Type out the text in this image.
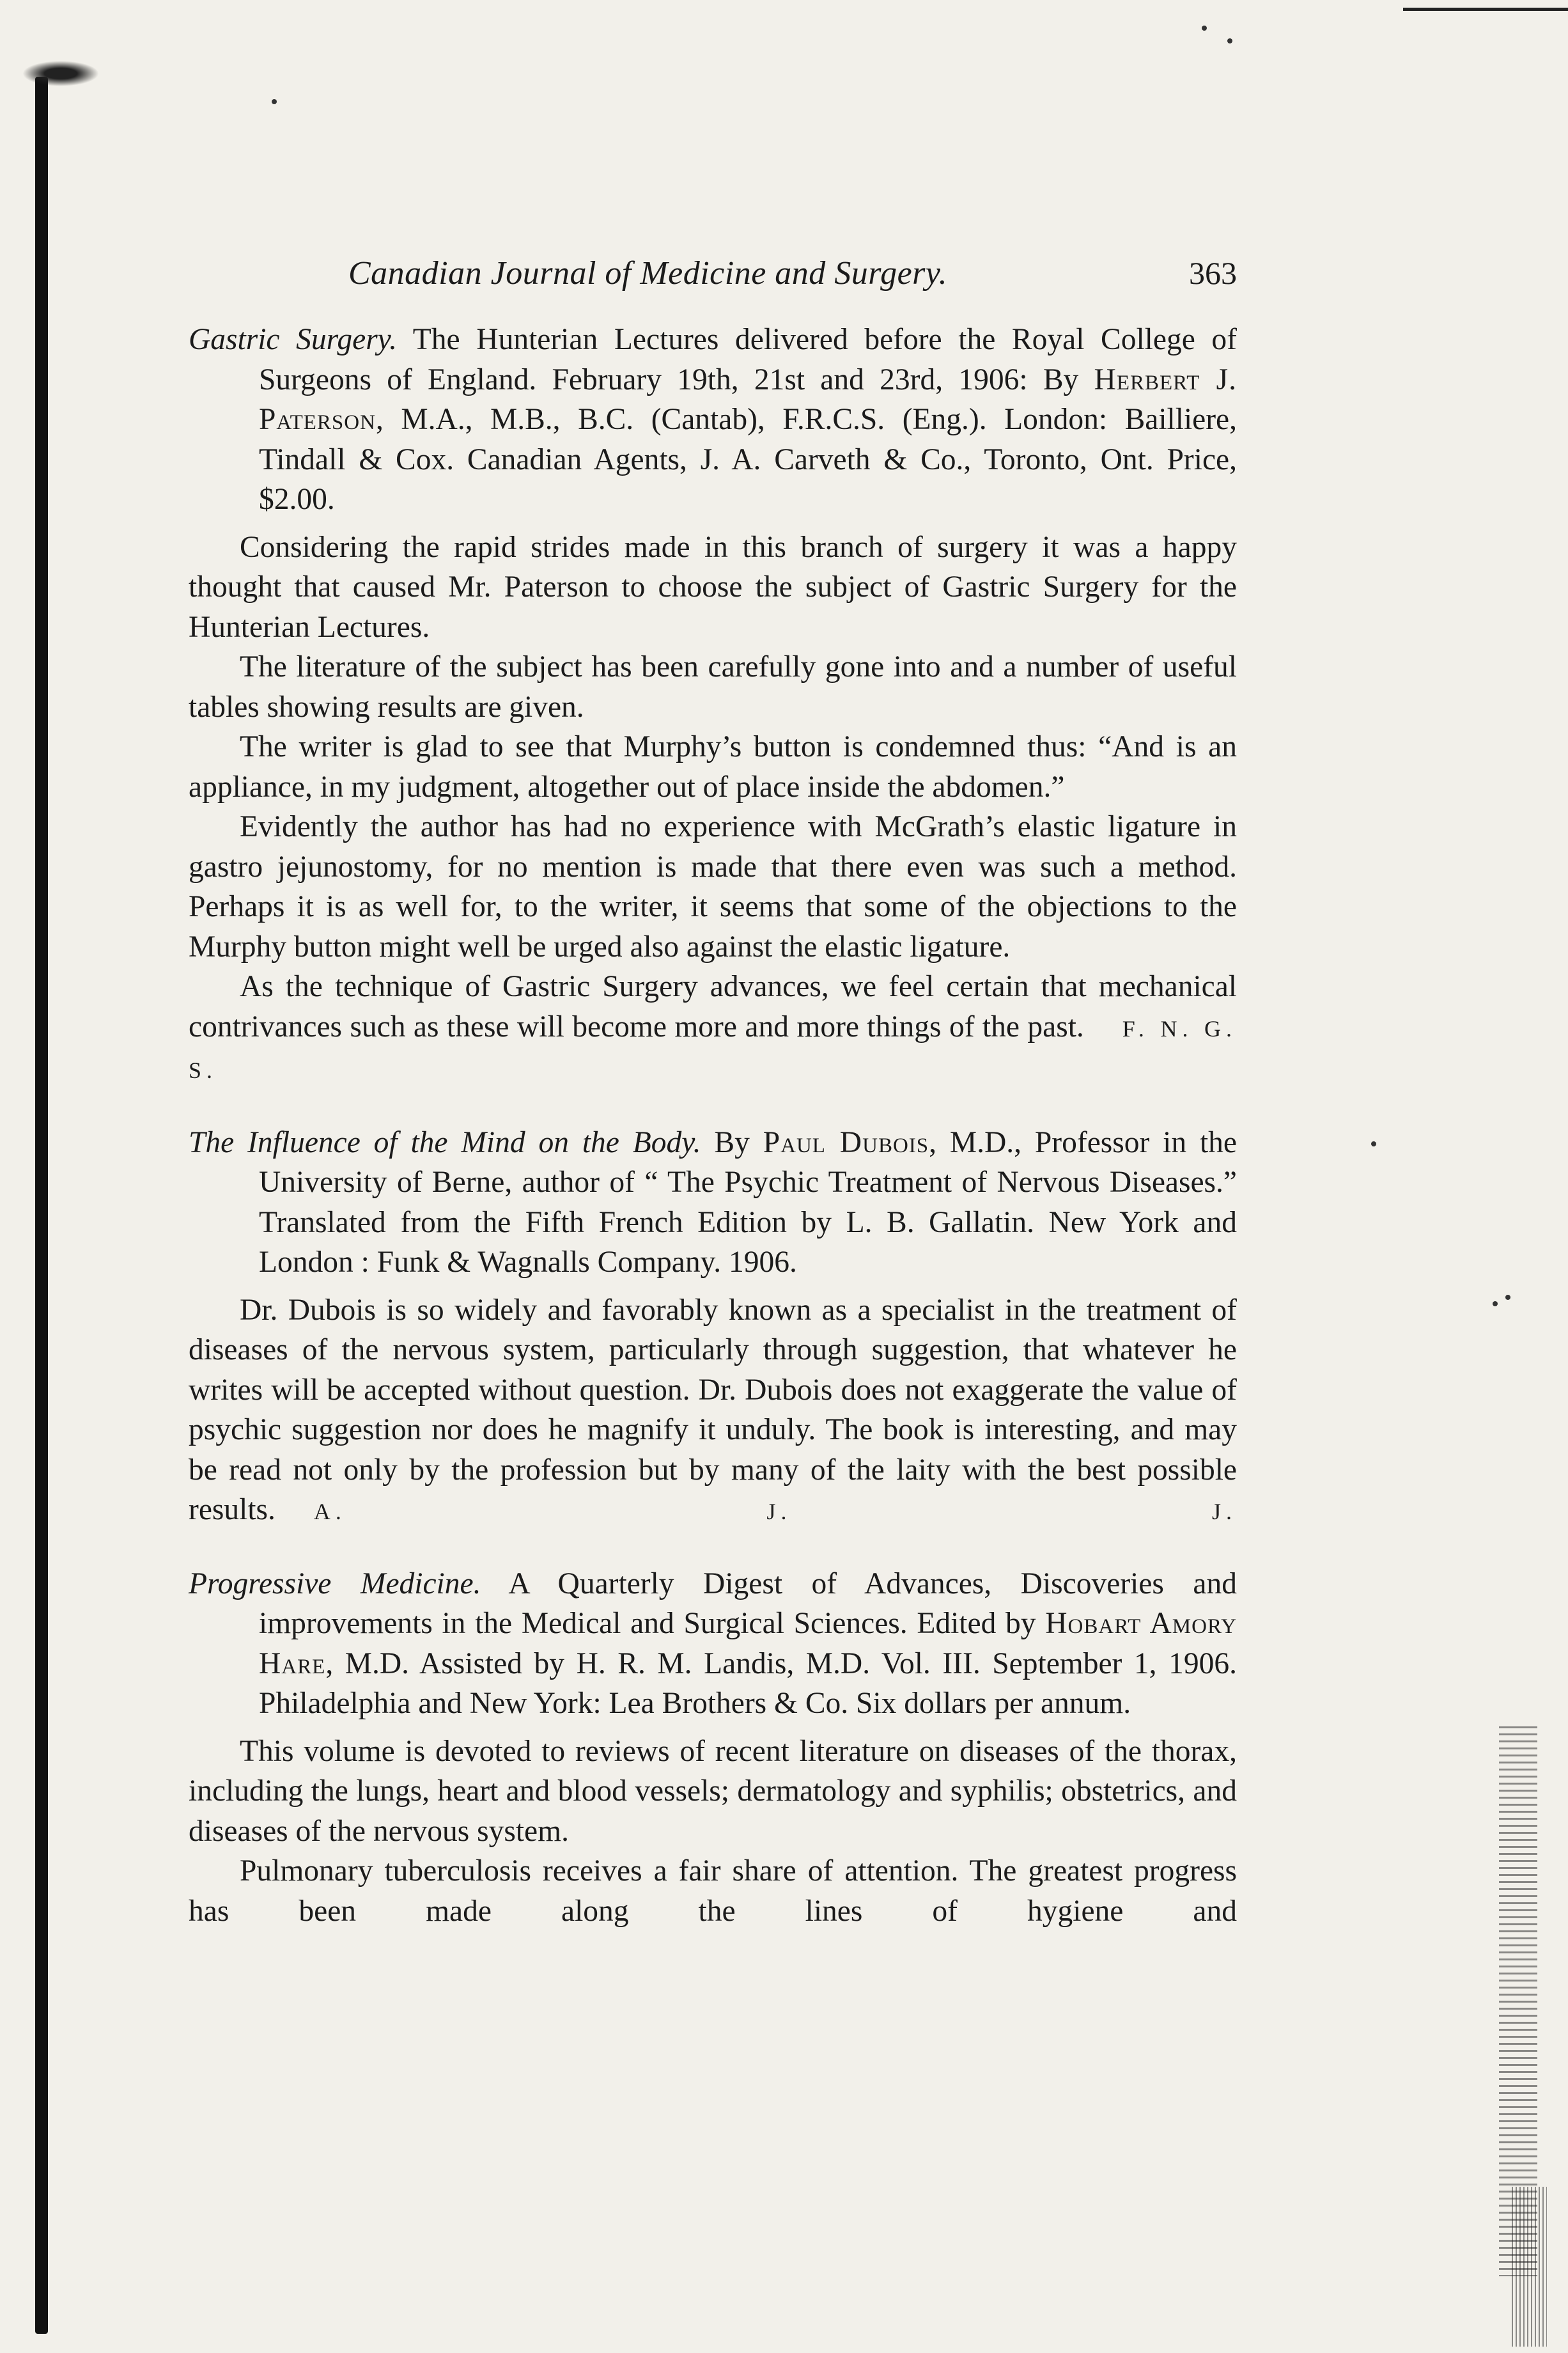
Canadian Journal of Medicine and Surgery.	363

Gastric Surgery. The Hunterian Lectures delivered before the Royal College of Surgeons of England. February 19th, 21st and 23rd, 1906: By Herbert J. Paterson, M.A., M.B., B.C. (Cantab), F.R.C.S. (Eng.). London: Bailliere, Tindall & Cox. Canadian Agents, J. A. Carveth & Co., Toronto, Ont. Price, $2.00.

Considering the rapid strides made in this branch of surgery it was a happy thought that caused Mr. Paterson to choose the subject of Gastric Surgery for the Hunterian Lectures.

The literature of the subject has been carefully gone into and a number of useful tables showing results are given.

The writer is glad to see that Murphy’s button is condemned thus: “And is an appliance, in my judgment, altogether out of place inside the abdomen.”

Evidently the author has had no experience with McGrath’s elastic ligature in gastro jejunostomy, for no mention is made that there even was such a method. Perhaps it is as well for, to the writer, it seems that some of the objections to the Murphy button might well be urged also against the elastic ligature.

As the technique of Gastric Surgery advances, we feel certain that mechanical contrivances such as these will become more and more things of the past. F. N. G. S.

The Influence of the Mind on the Body. By Paul Dubois, M.D., Professor in the University of Berne, author of “ The Psychic Treatment of Nervous Diseases.” Translated from the Fifth French Edition by L. B. Gallatin. New York and London : Funk & Wagnalls Company. 1906.

Dr. Dubois is so widely and favorably known as a specialist in the treatment of diseases of the nervous system, particularly through suggestion, that whatever he writes will be accepted without question. Dr. Dubois does not exaggerate the value of psychic suggestion nor does he magnify it unduly. The book is interesting, and may be read not only by the profession but by many of the laity with the best possible results. A. J. J.

Progressive Medicine. A Quarterly Digest of Advances, Discoveries and improvements in the Medical and Surgical Sciences. Edited by Hobart Amory Hare, M.D. Assisted by H. R. M. Landis, M.D. Vol. III. September 1, 1906. Philadelphia and New York: Lea Brothers & Co. Six dollars per annum.

This volume is devoted to reviews of recent literature on diseases of the thorax, including the lungs, heart and blood vessels; dermatology and syphilis; obstetrics, and diseases of the nervous system.

Pulmonary tuberculosis receives a fair share of attention. The greatest progress has been made along the lines of hygiene and
